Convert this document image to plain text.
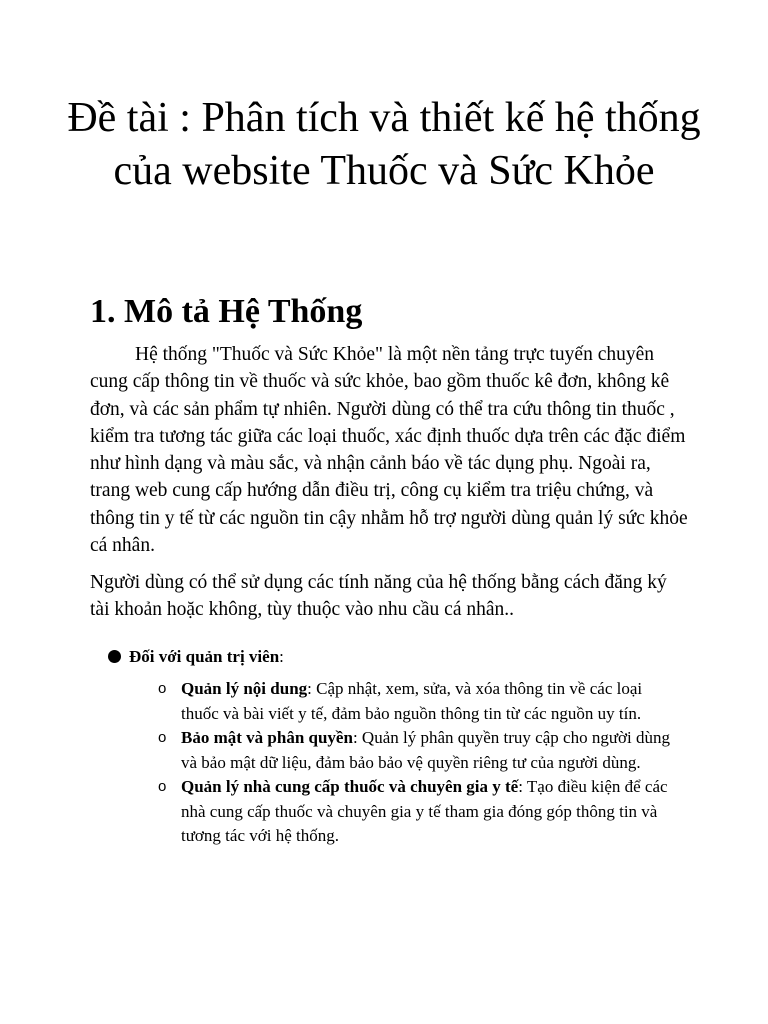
Đề tài : Phân tích và thiết kế hệ thống của website Thuốc và Sức Khỏe
1. Mô tả Hệ Thống

Hệ thống "Thuốc và Sức Khỏe" là một nền tảng trực tuyến chuyên cung cấp thông tin về thuốc và sức khỏe, bao gồm thuốc kê đơn, không kê đơn, và các sản phẩm tự nhiên. Người dùng có thể tra cứu thông tin thuốc , kiểm tra tương tác giữa các loại thuốc, xác định thuốc dựa trên các đặc điểm như hình dạng và màu sắc, và nhận cảnh báo về tác dụng phụ. Ngoài ra, trang web cung cấp hướng dẫn điều trị, công cụ kiểm tra triệu chứng, và thông tin y tế từ các nguồn tin cậy nhằm hỗ trợ người dùng quản lý sức khỏe cá nhân.

Người dùng có thể sử dụng các tính năng của hệ thống bằng cách đăng ký tài khoản hoặc không, tùy thuộc vào nhu cầu cá nhân..

Đối với quản trị viên:
o Quản lý nội dung: Cập nhật, xem, sửa, và xóa thông tin về các loại thuốc và bài viết y tế, đảm bảo nguồn thông tin từ các nguồn uy tín.
o Bảo mật và phân quyền: Quản lý phân quyền truy cập cho người dùng và bảo mật dữ liệu, đảm bảo bảo vệ quyền riêng tư của người dùng.
o Quản lý nhà cung cấp thuốc và chuyên gia y tế: Tạo điều kiện để các nhà cung cấp thuốc và chuyên gia y tế tham gia đóng góp thông tin và tương tác với hệ thống.
